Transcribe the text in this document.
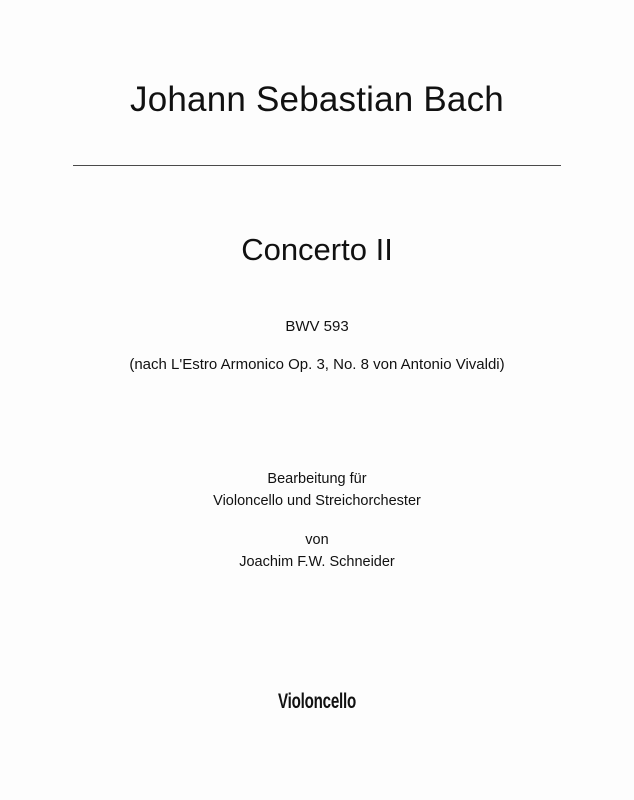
Johann Sebastian Bach
Concerto II
BWV 593
(nach L'Estro Armonico Op. 3, No. 8 von Antonio Vivaldi)
Bearbeitung für
Violoncello und Streichorchester
von
Joachim F.W. Schneider
Violoncello
